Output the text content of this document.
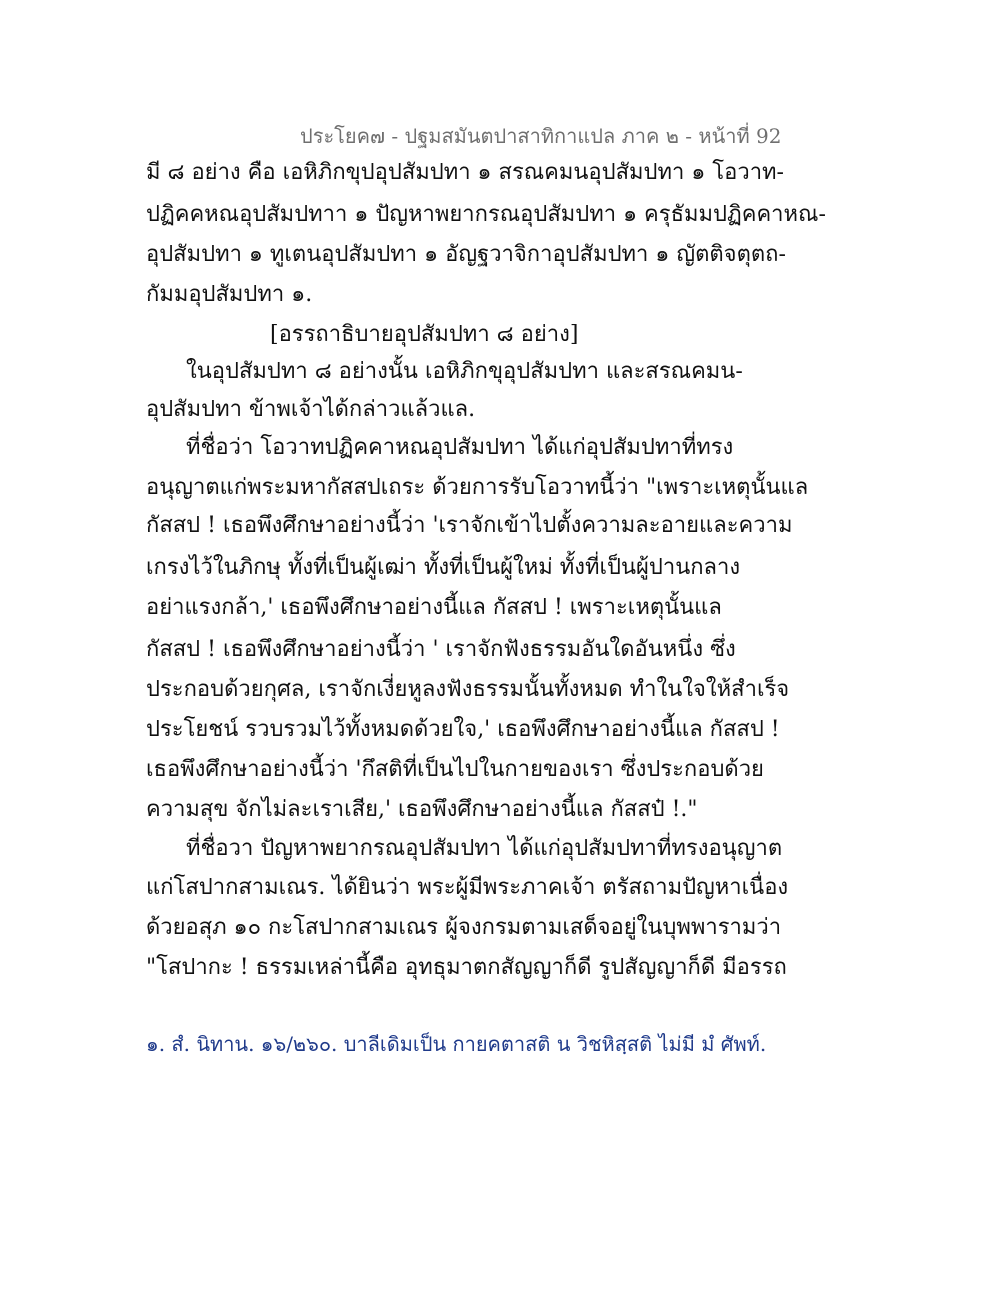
ประโยค๗ - ปฐมสมันตปาสาทิกาแปล ภาค ๒ - หน้าที่ 92
มี ๘ อย่าง คือ เอหิภิกขุปอุปสัมปทา ๑ สรณคมนอุปสัมปทา ๑ โอวาท-
ปฏิคคหณอุปสัมปทาา ๑ ปัญหาพยากรณอุปสัมปทา ๑ ครุธัมมปฏิคคาหณ-
อุปสัมปทา ๑ ทูเตนอุปสัมปทา ๑ อัญฐวาจิกาอุปสัมปทา ๑ ญัตติจตุตถ-
กัมมอุปสัมปทา ๑.
[อรรถาธิบายอุปสัมปทา ๘ อย่าง]
ในอุปสัมปทา ๘ อย่างนั้น เอหิภิกขุอุปสัมปทา และสรณคมน-
อุปสัมปทา ข้าพเจ้าได้กล่าวแล้วแล.
ที่ชื่อว่า โอวาทปฏิคคาหณอุปสัมปทา ได้แก่อุปสัมปทาที่ทรง
อนุญาตแก่พระมหากัสสปเถระ ด้วยการรับโอวาทนี้ว่า "เพราะเหตุนั้นแล
กัสสป ! เธอพึงศึกษาอย่างนี้ว่า 'เราจักเข้าไปตั้งความละอายและความ
เกรงไว้ในภิกษุ ทั้งที่เป็นผู้เฒ่า ทั้งที่เป็นผู้ใหม่ ทั้งที่เป็นผู้ปานกลาง
อย่าแรงกล้า,' เธอพึงศึกษาอย่างนี้แล กัสสป ! เพราะเหตุนั้นแล
กัสสป ! เธอพึงศึกษาอย่างนี้ว่า ' เราจักฟังธรรมอันใดอันหนึ่ง ซึ่ง
ประกอบด้วยกุศล, เราจักเงี่ยหูลงฟังธรรมนั้นทั้งหมด ทำในใจให้สำเร็จ
ประโยชน์ รวบรวมไว้ทั้งหมดด้วยใจ,' เธอพึงศึกษาอย่างนี้แล กัสสป !
เธอพึงศึกษาอย่างนี้ว่า 'กึสติที่เป็นไปในกายของเรา ซึ่งประกอบด้วย
ความสุข จักไม่ละเราเสีย,' เธอพึงศึกษาอย่างนี้แล กัสสป๋ !."
ที่ชื่อวา ปัญหาพยากรณอุปสัมปทา ได้แก่อุปสัมปทาที่ทรงอนุญาต
แก่โสปากสามเณร. ได้ยินว่า พระผู้มีพระภาคเจ้า ตรัสถามปัญหาเนื่อง
ด้วยอสุภ ๑๐ กะโสปากสามเณร ผู้จงกรมตามเสด็จอยู่ในบุพพารามว่า
"โสปากะ ! ธรรมเหล่านี้คือ อุทธุมาตกสัญญาก็ดี รูปสัญญาก็ดี มีอรรถ
๑. สํ. นิทาน. ๑๖/๒๖๐. บาลีเดิมเป็น กายคตาสติ น วิชหิสฺสติ ไม่มี มํ ศัพท์.
